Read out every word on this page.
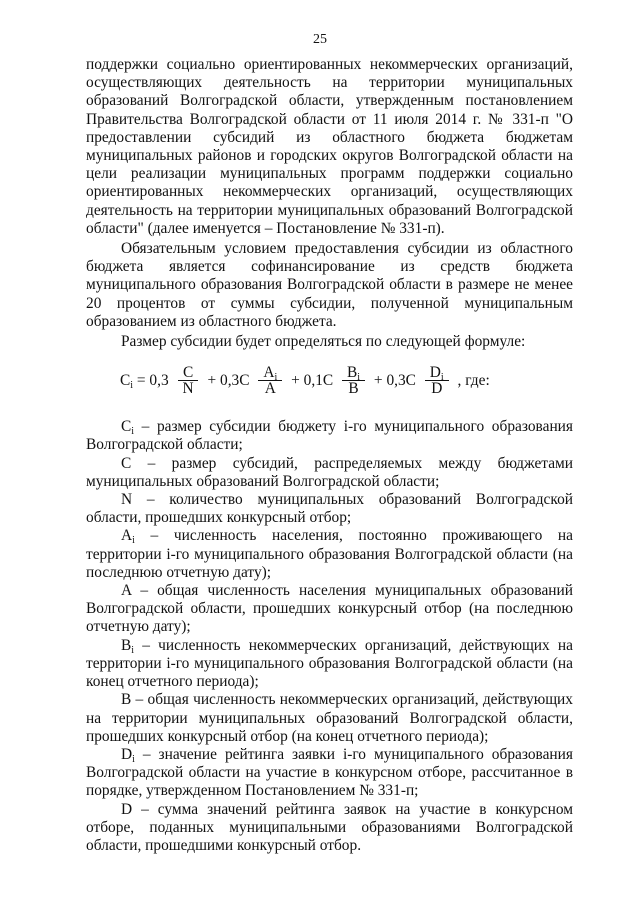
25

поддержки социально ориентированных некоммерческих организаций, осуществляющих деятельность на территории муниципальных образований Волгоградской области, утвержденным постановлением Правительства Волгоградской области от 11 июля 2014 г. № 331-п "О предоставлении субсидий из областного бюджета бюджетам муниципальных районов и городских округов Волгоградской области на цели реализации муниципальных программ поддержки социально ориентированных некоммерческих организаций, осуществляющих деятельность на территории муниципальных образований Волгоградской области" (далее именуется – Постановление № 331-п).

Обязательным условием предоставления субсидии из областного бюджета является софинансирование из средств бюджета муниципального образования Волгоградской области в размере не менее 20 процентов от суммы субсидии, полученной муниципальным образованием из областного бюджета.

Размер субсидии будет определяться по следующей формуле:

$C_i = 0,3 \frac{C}{N} + 0,3C \frac{A_i}{A} + 0,1C \frac{B_i}{B} + 0,3C \frac{D_i}{D}$ , где:

$C_i$ – размер субсидии бюджету i-го муниципального образования Волгоградской области;

C – размер субсидий, распределяемых между бюджетами муниципальных образований Волгоградской области;

N – количество муниципальных образований Волгоградской области, прошедших конкурсный отбор;

$A_i$ – численность населения, постоянно проживающего на территории i-го муниципального образования Волгоградской области (на последнюю отчетную дату);

A – общая численность населения муниципальных образований Волгоградской области, прошедших конкурсный отбор (на последнюю отчетную дату);

$B_i$ – численность некоммерческих организаций, действующих на территории i-го муниципального образования Волгоградской области (на конец отчетного периода);

B – общая численность некоммерческих организаций, действующих на территории муниципальных образований Волгоградской области, прошедших конкурсный отбор (на конец отчетного периода);

$D_i$ – значение рейтинга заявки i-го муниципального образования Волгоградской области на участие в конкурсном отборе, рассчитанное в порядке, утвержденном Постановлением № 331-п;

D – сумма значений рейтинга заявок на участие в конкурсном отборе, поданных муниципальными образованиями Волгоградской области, прошедшими конкурсный отбор.
